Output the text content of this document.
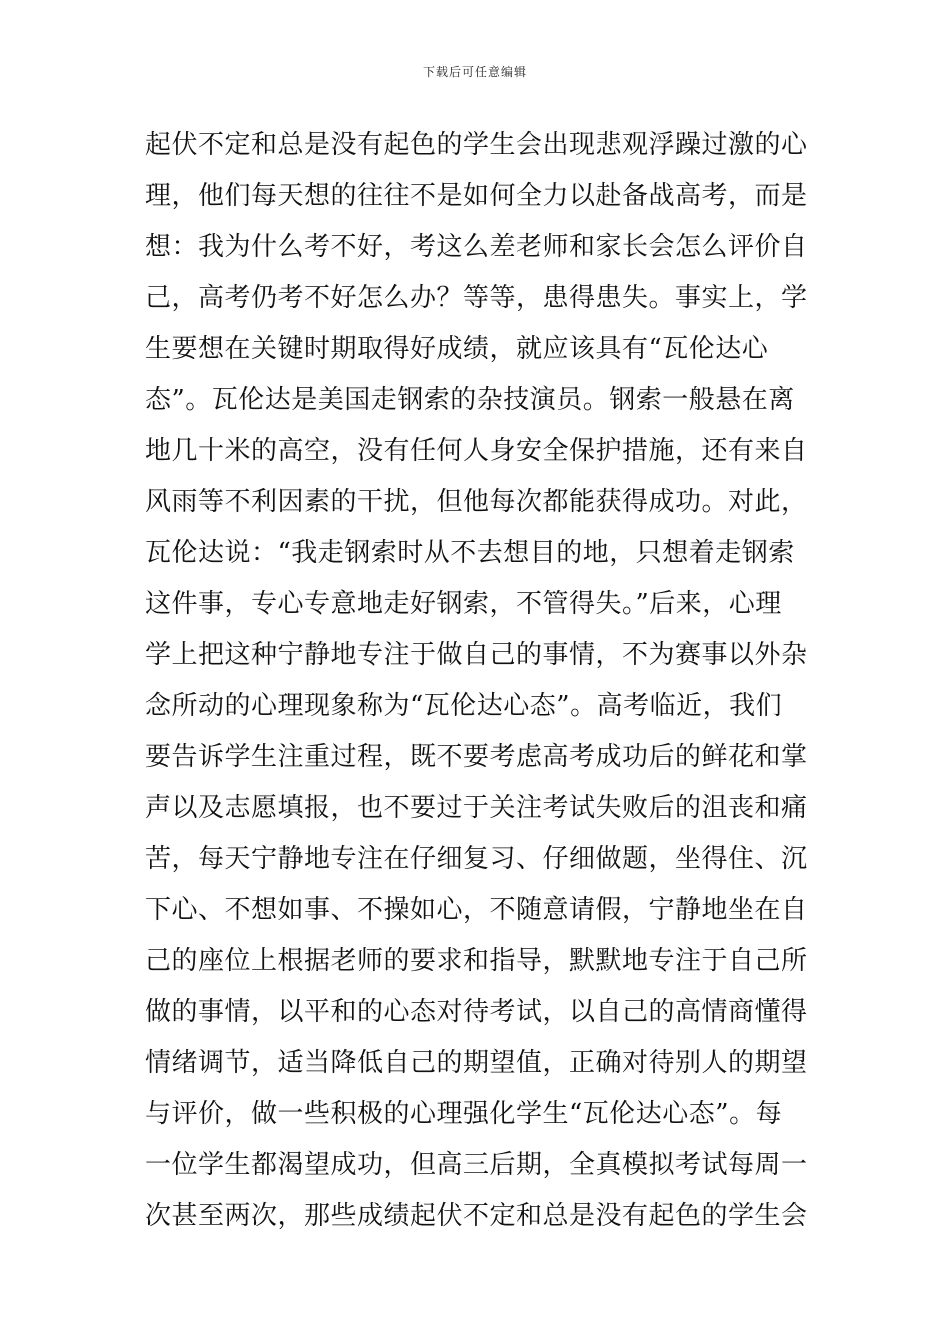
下载后可任意编辑
起伏不定和总是没有起色的学生会出现悲观浮躁过激的心
理，他们每天想的往往不是如何全力以赴备战高考，而是
想：我为什么考不好，考这么差老师和家长会怎么评价自
己，高考仍考不好怎么办？等等，患得患失。事实上，学
生要想在关键时期取得好成绩，就应该具有“瓦伦达心
态”。瓦伦达是美国走钢索的杂技演员。钢索一般悬在离
地几十米的高空，没有任何人身安全保护措施，还有来自
风雨等不利因素的干扰，但他每次都能获得成功。对此，
瓦伦达说：“我走钢索时从不去想目的地，只想着走钢索
这件事，专心专意地走好钢索，不管得失。”后来，心理
学上把这种宁静地专注于做自己的事情，不为赛事以外杂
念所动的心理现象称为“瓦伦达心态”。高考临近，我们
要告诉学生注重过程，既不要考虑高考成功后的鲜花和掌
声以及志愿填报，也不要过于关注考试失败后的沮丧和痛
苦，每天宁静地专注在仔细复习、仔细做题，坐得住、沉
下心、不想如事、不操如心，不随意请假，宁静地坐在自
己的座位上根据老师的要求和指导，默默地专注于自己所
做的事情，以平和的心态对待考试，以自己的高情商懂得
情绪调节，适当降低自己的期望值，正确对待别人的期望
与评价，做一些积极的心理强化学生“瓦伦达心态”。每
一位学生都渴望成功，但高三后期，全真模拟考试每周一
次甚至两次，那些成绩起伏不定和总是没有起色的学生会
